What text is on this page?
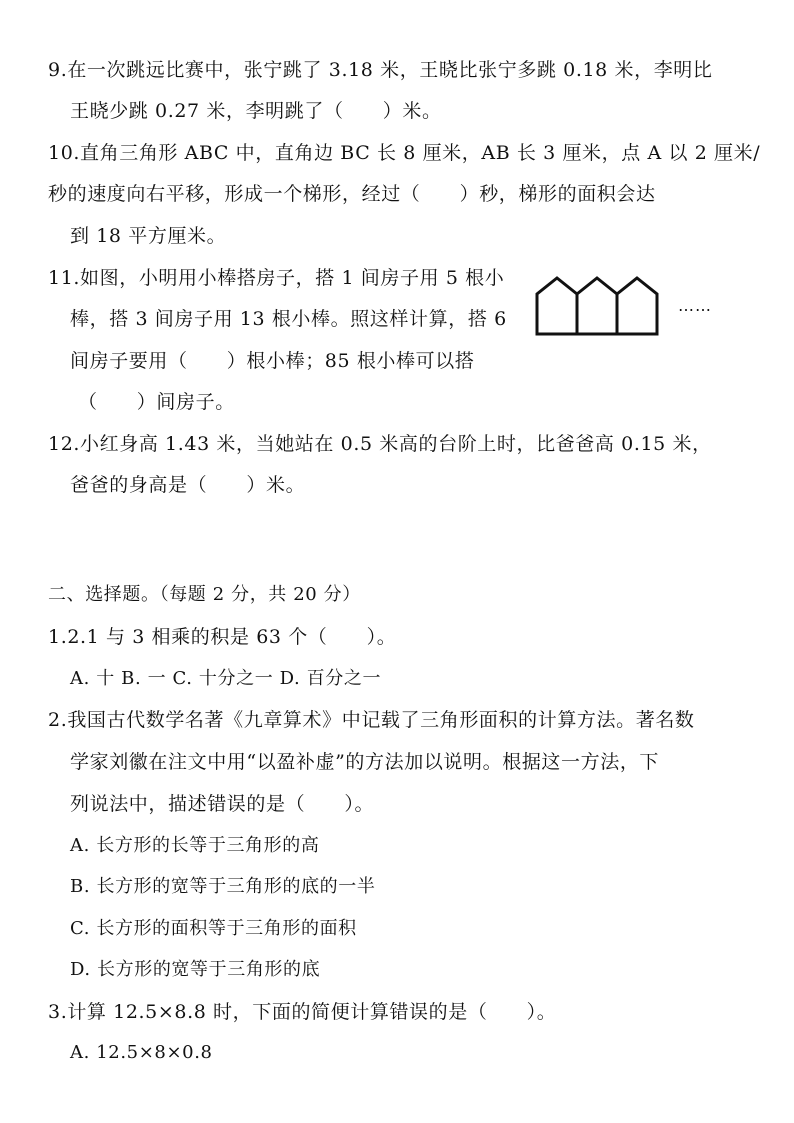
9.在一次跳远比赛中，张宁跳了 3.18 米，王晓比张宁多跳 0.18 米，李明比
王晓少跳 0.27 米，李明跳了（　　）米。
10.直角三角形 ABC 中，直角边 BC 长 8 厘米，AB 长 3 厘米，点 A 以 2 厘米/
秒的速度向右平移，形成一个梯形，经过（　　）秒，梯形的面积会达
到 18 平方厘米。
11.如图，小明用小棒搭房子，搭 1 间房子用 5 根小
棒，搭 3 间房子用 13 根小棒。照这样计算，搭 6
间房子要用（　　）根小棒；85 根小棒可以搭
（　　）间房子。
……
12.小红身高 1.43 米，当她站在 0.5 米高的台阶上时，比爸爸高 0.15 米，
爸爸的身高是（　　）米。
二、选择题。（每题 2 分，共 20 分）
1.2.1 与 3 相乘的积是 63 个（　　）。
A. 十 B. 一 C. 十分之一 D. 百分之一
2.我国古代数学名著《九章算术》中记载了三角形面积的计算方法。著名数
学家刘徽在注文中用“以盈补虚”的方法加以说明。根据这一方法，下
列说法中，描述错误的是（　　）。
A. 长方形的长等于三角形的高
B. 长方形的宽等于三角形的底的一半
C. 长方形的面积等于三角形的面积
D. 长方形的宽等于三角形的底
3.计算 12.5×8.8 时，下面的简便计算错误的是（　　）。
A. 12.5×8×0.8
